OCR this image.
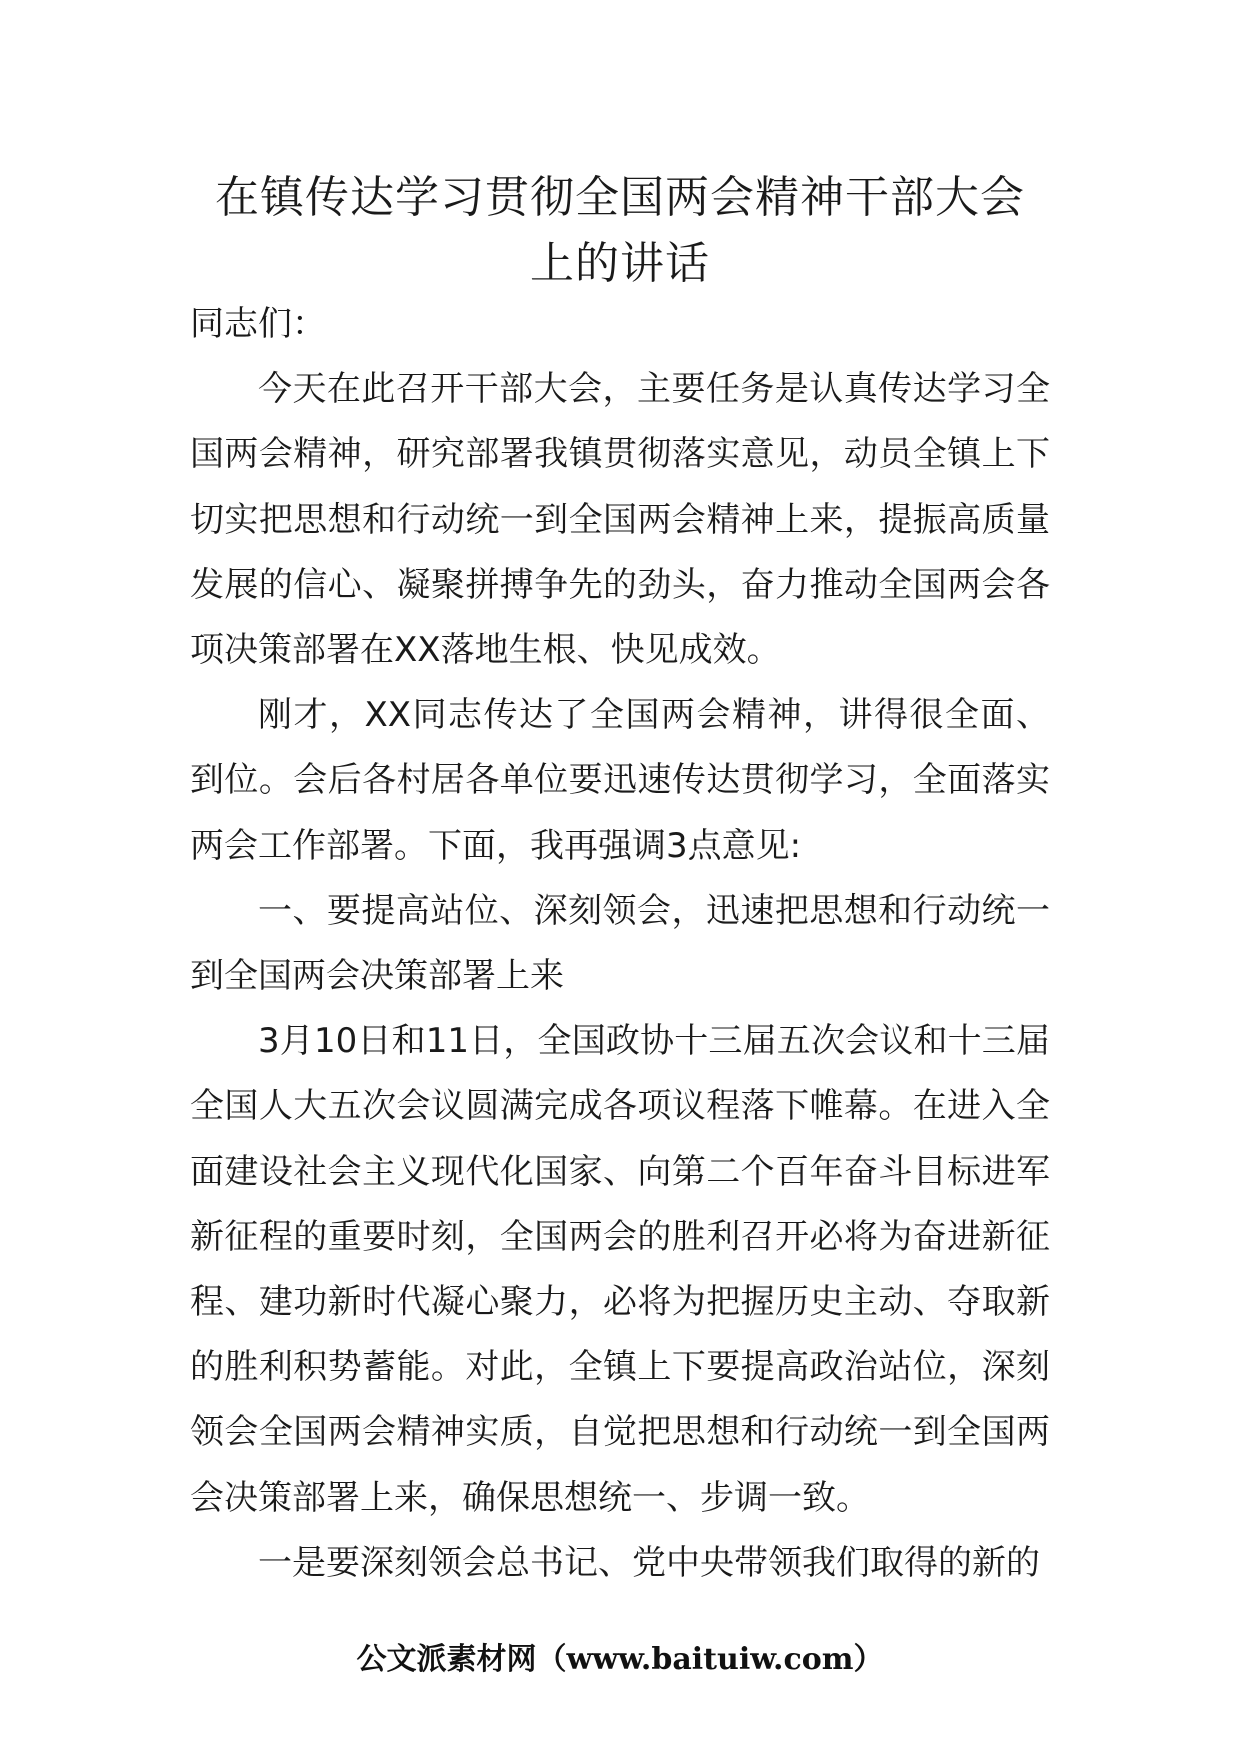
在镇传达学习贯彻全国两会精神干部大会
上的讲话

同志们：

今天在此召开干部大会，主要任务是认真传达学习全国两会精神，研究部署我镇贯彻落实意见，动员全镇上下切实把思想和行动统一到全国两会精神上来，提振高质量发展的信心、凝聚拼搏争先的劲头，奋力推动全国两会各项决策部署在XX落地生根、快见成效。

刚才，XX同志传达了全国两会精神，讲得很全面、到位。会后各村居各单位要迅速传达贯彻学习，全面落实两会工作部署。下面，我再强调3点意见:

一、要提高站位、深刻领会，迅速把思想和行动统一到全国两会决策部署上来

3月10日和11日，全国政协十三届五次会议和十三届全国人大五次会议圆满完成各项议程落下帷幕。在进入全面建设社会主义现代化国家、向第二个百年奋斗目标进军新征程的重要时刻，全国两会的胜利召开必将为奋进新征程、建功新时代凝心聚力，必将为把握历史主动、夺取新的胜利积势蓄能。对此，全镇上下要提高政治站位，深刻领会全国两会精神实质，自觉把思想和行动统一到全国两会决策部署上来，确保思想统一、步调一致。

一是要深刻领会总书记、党中央带领我们取得的新的

公文派素材网（www.baituiw.com）
